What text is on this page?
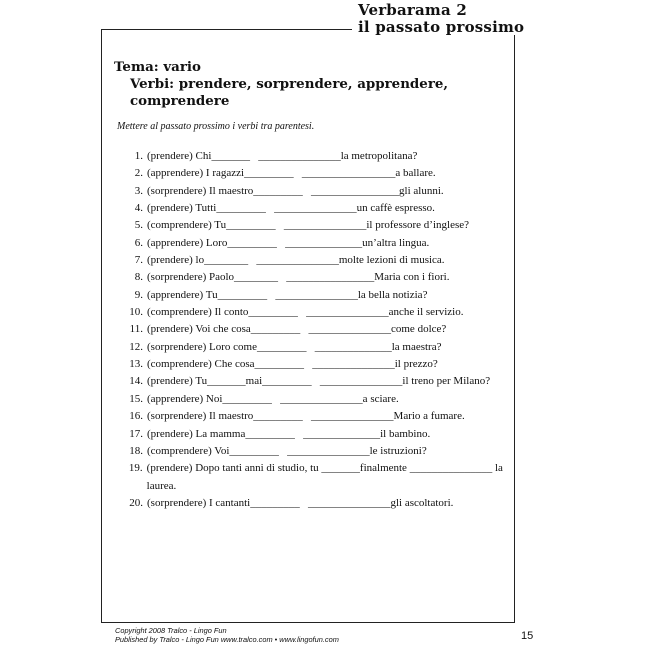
Verbarama 2
il passato prossimo
Tema: vario
Verbi: prendere, sorprendere, apprendere, comprendere
Mettere al passato prossimo i verbi tra parentesi.
1. (prendere) Chi_______   _______________la metropolitana?
2. (apprendere) I ragazzi_________   _________________a ballare.
3. (sorprendere) Il maestro_________   ________________gli alunni.
4. (prendere) Tutti_________   _______________un caffè espresso.
5. (comprendere) Tu_________   _______________il professore d’inglese?
6. (apprendere) Loro_________   ______________un’altra lingua.
7. (prendere) lo________   _______________molte lezioni di musica.
8. (sorprendere) Paolo________   ________________Maria con i fiori.
9. (apprendere) Tu_________   _______________la bella notizia?
10. (comprendere) Il conto_________   _______________anche il servizio.
11. (prendere) Voi che cosa_________   _______________come dolce?
12. (sorprendere) Loro come_________   ______________la maestra?
13. (comprendere) Che cosa_________   _______________il prezzo?
14. (prendere) Tu_______mai_________   _______________il treno per Milano?
15. (apprendere) Noi_________   _______________a sciare.
16. (sorprendere) Il maestro_________   _______________Mario a fumare.
17. (prendere) La mamma_________   ______________il bambino.
18. (comprendere) Voi_________   _______________le istruzioni?
19. (prendere) Dopo tanti anni di studio, tu _______finalmente _______________ la laurea.
20. (sorprendere) I cantanti_________   _______________gli ascoltatori.
Copyright 2008 Tralco - Lingo Fun
Published by Tralco - Lingo Fun www.tralco.com • www.lingofun.com	15
